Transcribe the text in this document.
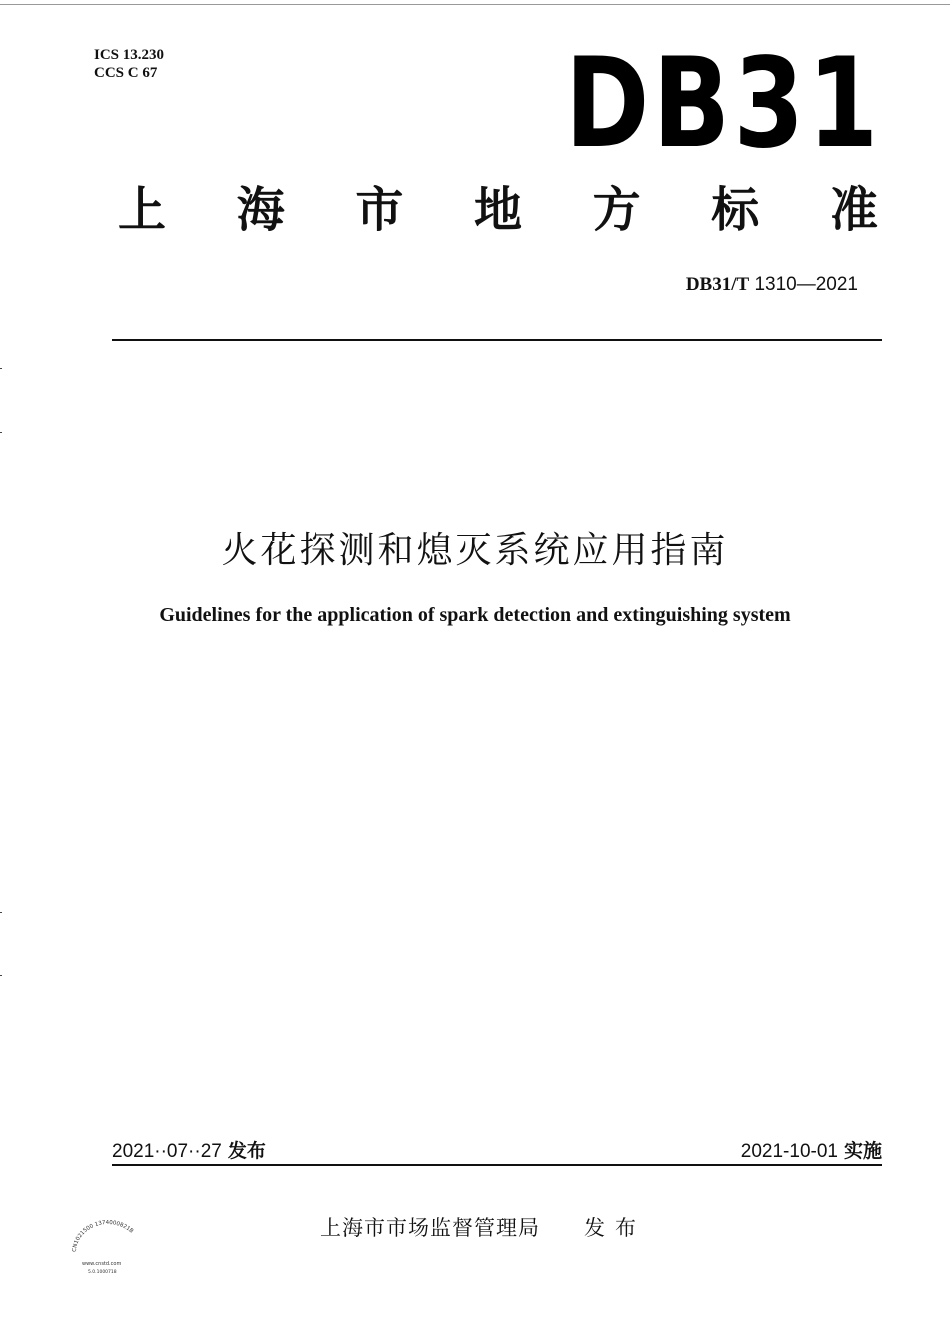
ICS 13.230
CCS C 67	DB31
上 海 市 地 方 标 准
DB31/T 1310—2021
火花探测和熄灭系统应用指南
Guidelines for the application of spark detection and extinguishing system
2021··07··27 发布	2021-10-01 实施
上海市市场监督管理局 发布
CN1021500 1374000821B
www.cnstd.com
5.0.1000718
